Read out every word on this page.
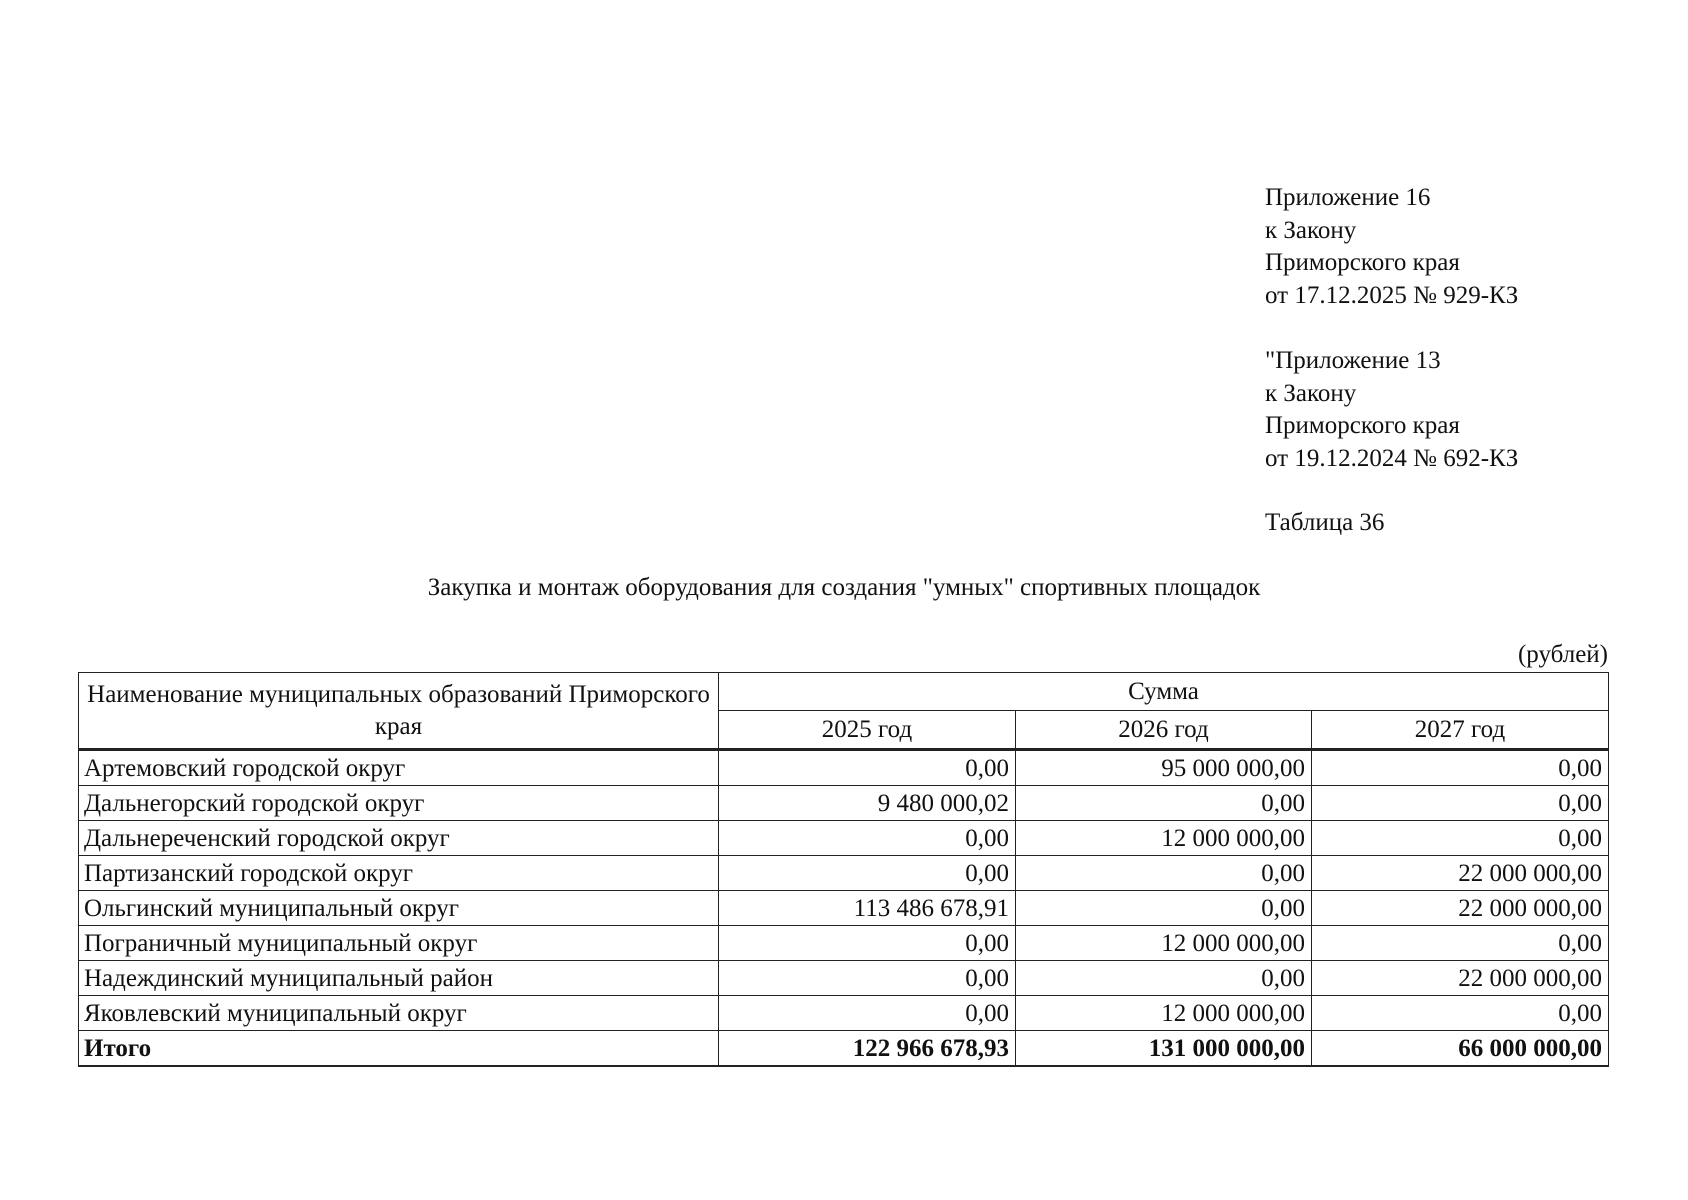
Приложение 16
к Закону
Приморского края
от 17.12.2025 № 929-КЗ
"Приложение 13
к Закону
Приморского края
от 19.12.2024 № 692-КЗ
Таблица 36
Закупка и монтаж оборудования для создания "умных" спортивных площадок
(рублей)
Наименование муниципальных образований Приморского края	Сумма		
	2025 год	2026 год	2027 год
Артемовский городской округ	0,00	95 000 000,00	0,00
Дальнегорский городской округ	9 480 000,02	0,00	0,00
Дальнереченский городской округ	0,00	12 000 000,00	0,00
Партизанский городской округ	0,00	0,00	22 000 000,00
Ольгинский муниципальный округ	113 486 678,91	0,00	22 000 000,00
Пограничный муниципальный округ	0,00	12 000 000,00	0,00
Надеждинский муниципальный район	0,00	0,00	22 000 000,00
Яковлевский муниципальный округ	0,00	12 000 000,00	0,00
Итого	122 966 678,93	131 000 000,00	66 000 000,00
